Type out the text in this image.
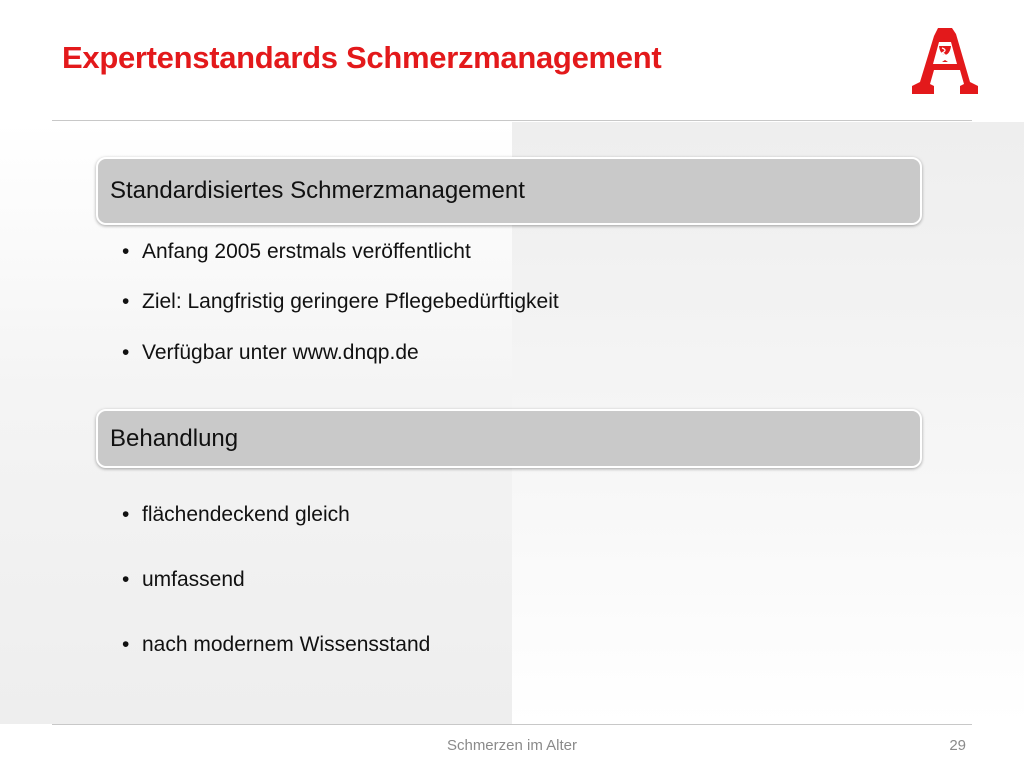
Expertenstandards Schmerzmanagement
Standardisiertes Schmerzmanagement
• Anfang 2005 erstmals veröffentlicht
• Ziel: Langfristig geringere Pflegebedürftigkeit
• Verfügbar unter www.dnqp.de
Behandlung
• flächendeckend gleich
• umfassend
• nach modernem Wissensstand
Schmerzen im Alter	29
